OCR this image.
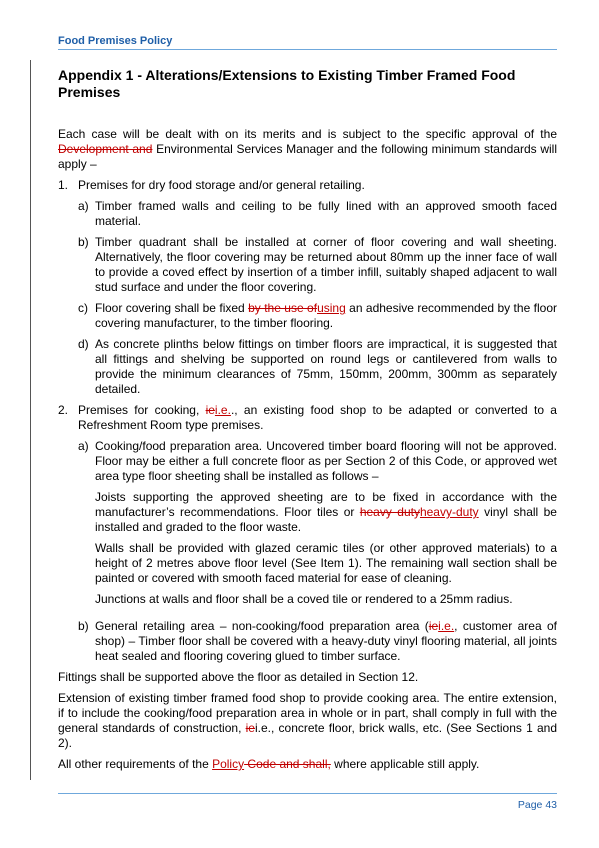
Food Premises Policy
Appendix 1 - Alterations/Extensions to Existing Timber Framed Food Premises

Each case will be dealt with on its merits and is subject to the specific approval of the Development and Environmental Services Manager and the following minimum standards will apply –

1. Premises for dry food storage and/or general retailing.
a) Timber framed walls and ceiling to be fully lined with an approved smooth faced material.
b) Timber quadrant shall be installed at corner of floor covering and wall sheeting. Alternatively, the floor covering may be returned about 80mm up the inner face of wall to provide a coved effect by insertion of a timber infill, suitably shaped adjacent to wall stud surface and under the floor covering.
c) Floor covering shall be fixed by the use ofusing an adhesive recommended by the floor covering manufacturer, to the timber flooring.
d) As concrete plinths below fittings on timber floors are impractical, it is suggested that all fittings and shelving be supported on round legs or cantilevered from walls to provide the minimum clearances of 75mm, 150mm, 200mm, 300mm as separately detailed.
2. Premises for cooking, iei.e.., an existing food shop to be adapted or converted to a Refreshment Room type premises.
a) Cooking/food preparation area. Uncovered timber board flooring will not be approved. Floor may be either a full concrete floor as per Section 2 of this Code, or approved wet area type floor sheeting shall be installed as follows –

Joists supporting the approved sheeting are to be fixed in accordance with the manufacturer’s recommendations. Floor tiles or heavy dutyheavy-duty vinyl shall be installed and graded to the floor waste.

Walls shall be provided with glazed ceramic tiles (or other approved materials) to a height of 2 metres above floor level (See Item 1). The remaining wall section shall be painted or covered with smooth faced material for ease of cleaning.

Junctions at walls and floor shall be a coved tile or rendered to a 25mm radius.

b) General retailing area – non-cooking/food preparation area (iei.e., customer area of shop) – Timber floor shall be covered with a heavy-duty vinyl flooring material, all joints heat sealed and flooring covering glued to timber surface.

Fittings shall be supported above the floor as detailed in Section 12.

Extension of existing timber framed food shop to provide cooking area. The entire extension, if to include the cooking/food preparation area in whole or in part, shall comply in full with the general standards of construction, iei.e., concrete floor, brick walls, etc. (See Sections 1 and 2).

All other requirements of the Policy Code and shall, where applicable still apply.

Page 43
